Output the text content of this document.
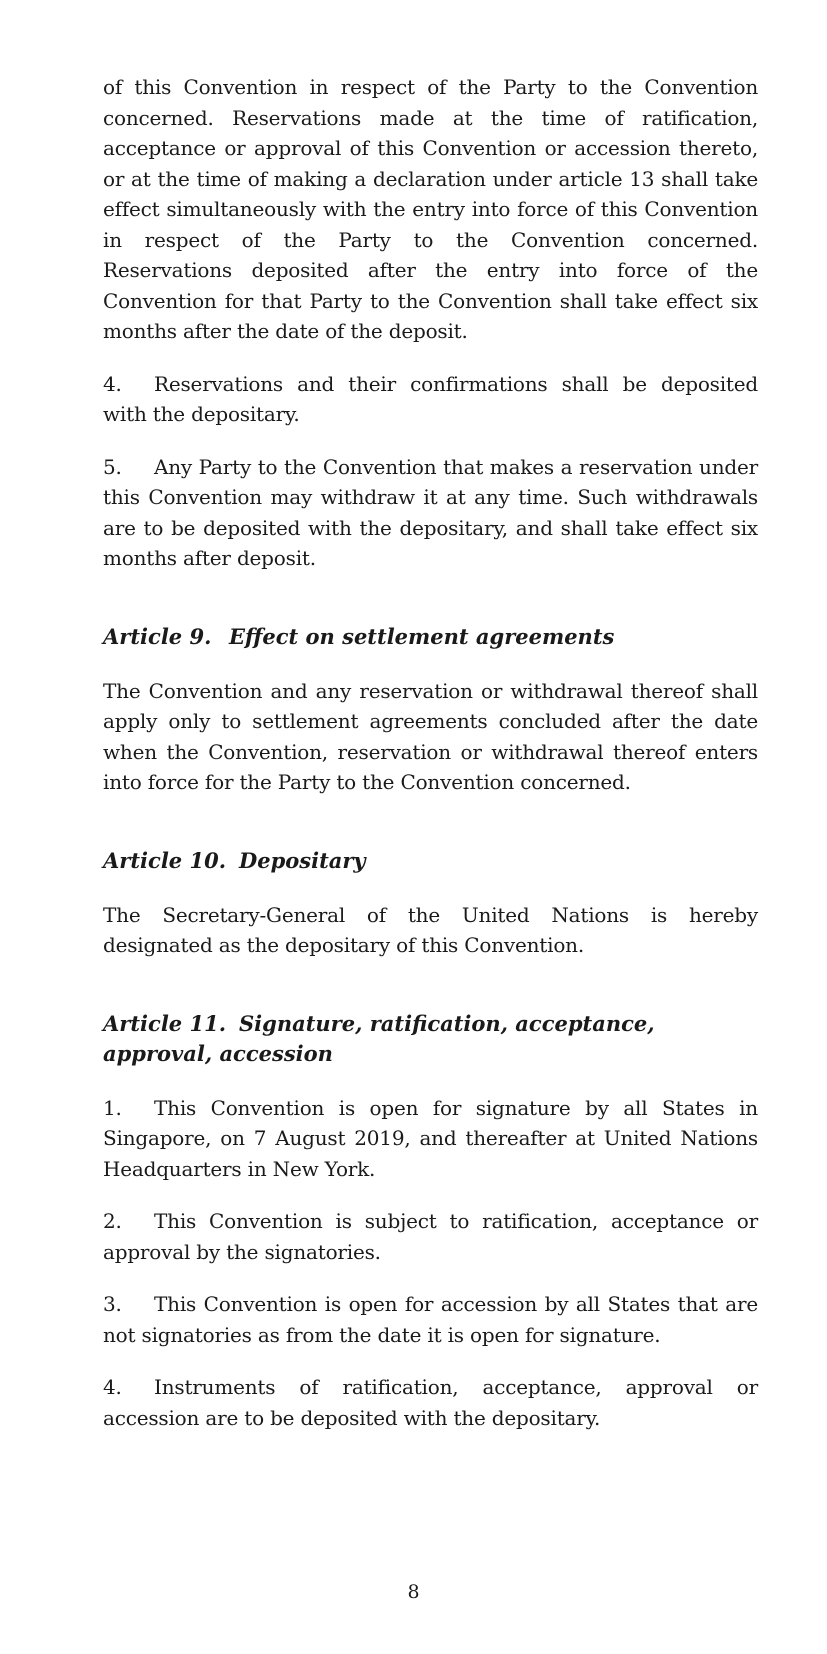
of this Convention in respect of the Party to the Convention concerned. Reservations made at the time of ratification, acceptance or approval of this Convention or accession thereto, or at the time of making a declaration under article 13 shall take effect simultaneously with the entry into force of this Convention in respect of the Party to the Convention concerned. Reservations deposited after the entry into force of the Convention for that Party to the Convention shall take effect six months after the date of the deposit.

4. Reservations and their confirmations shall be deposited with the depositary.

5. Any Party to the Convention that makes a reservation under this Convention may withdraw it at any time. Such withdrawals are to be deposited with the depositary, and shall take effect six months after deposit.

Article 9. Effect on settlement agreements

The Convention and any reservation or withdrawal thereof shall apply only to settlement agreements concluded after the date when the Convention, reservation or withdrawal thereof enters into force for the Party to the Convention concerned.

Article 10. Depositary

The Secretary-General of the United Nations is hereby designated as the depositary of this Convention.

Article 11. Signature, ratification, acceptance, approval, accession

1. This Convention is open for signature by all States in Singapore, on 7 August 2019, and thereafter at United Nations Headquarters in New York.

2. This Convention is subject to ratification, acceptance or approval by the signatories.

3. This Convention is open for accession by all States that are not signatories as from the date it is open for signature.

4. Instruments of ratification, acceptance, approval or accession are to be deposited with the depositary.

8
